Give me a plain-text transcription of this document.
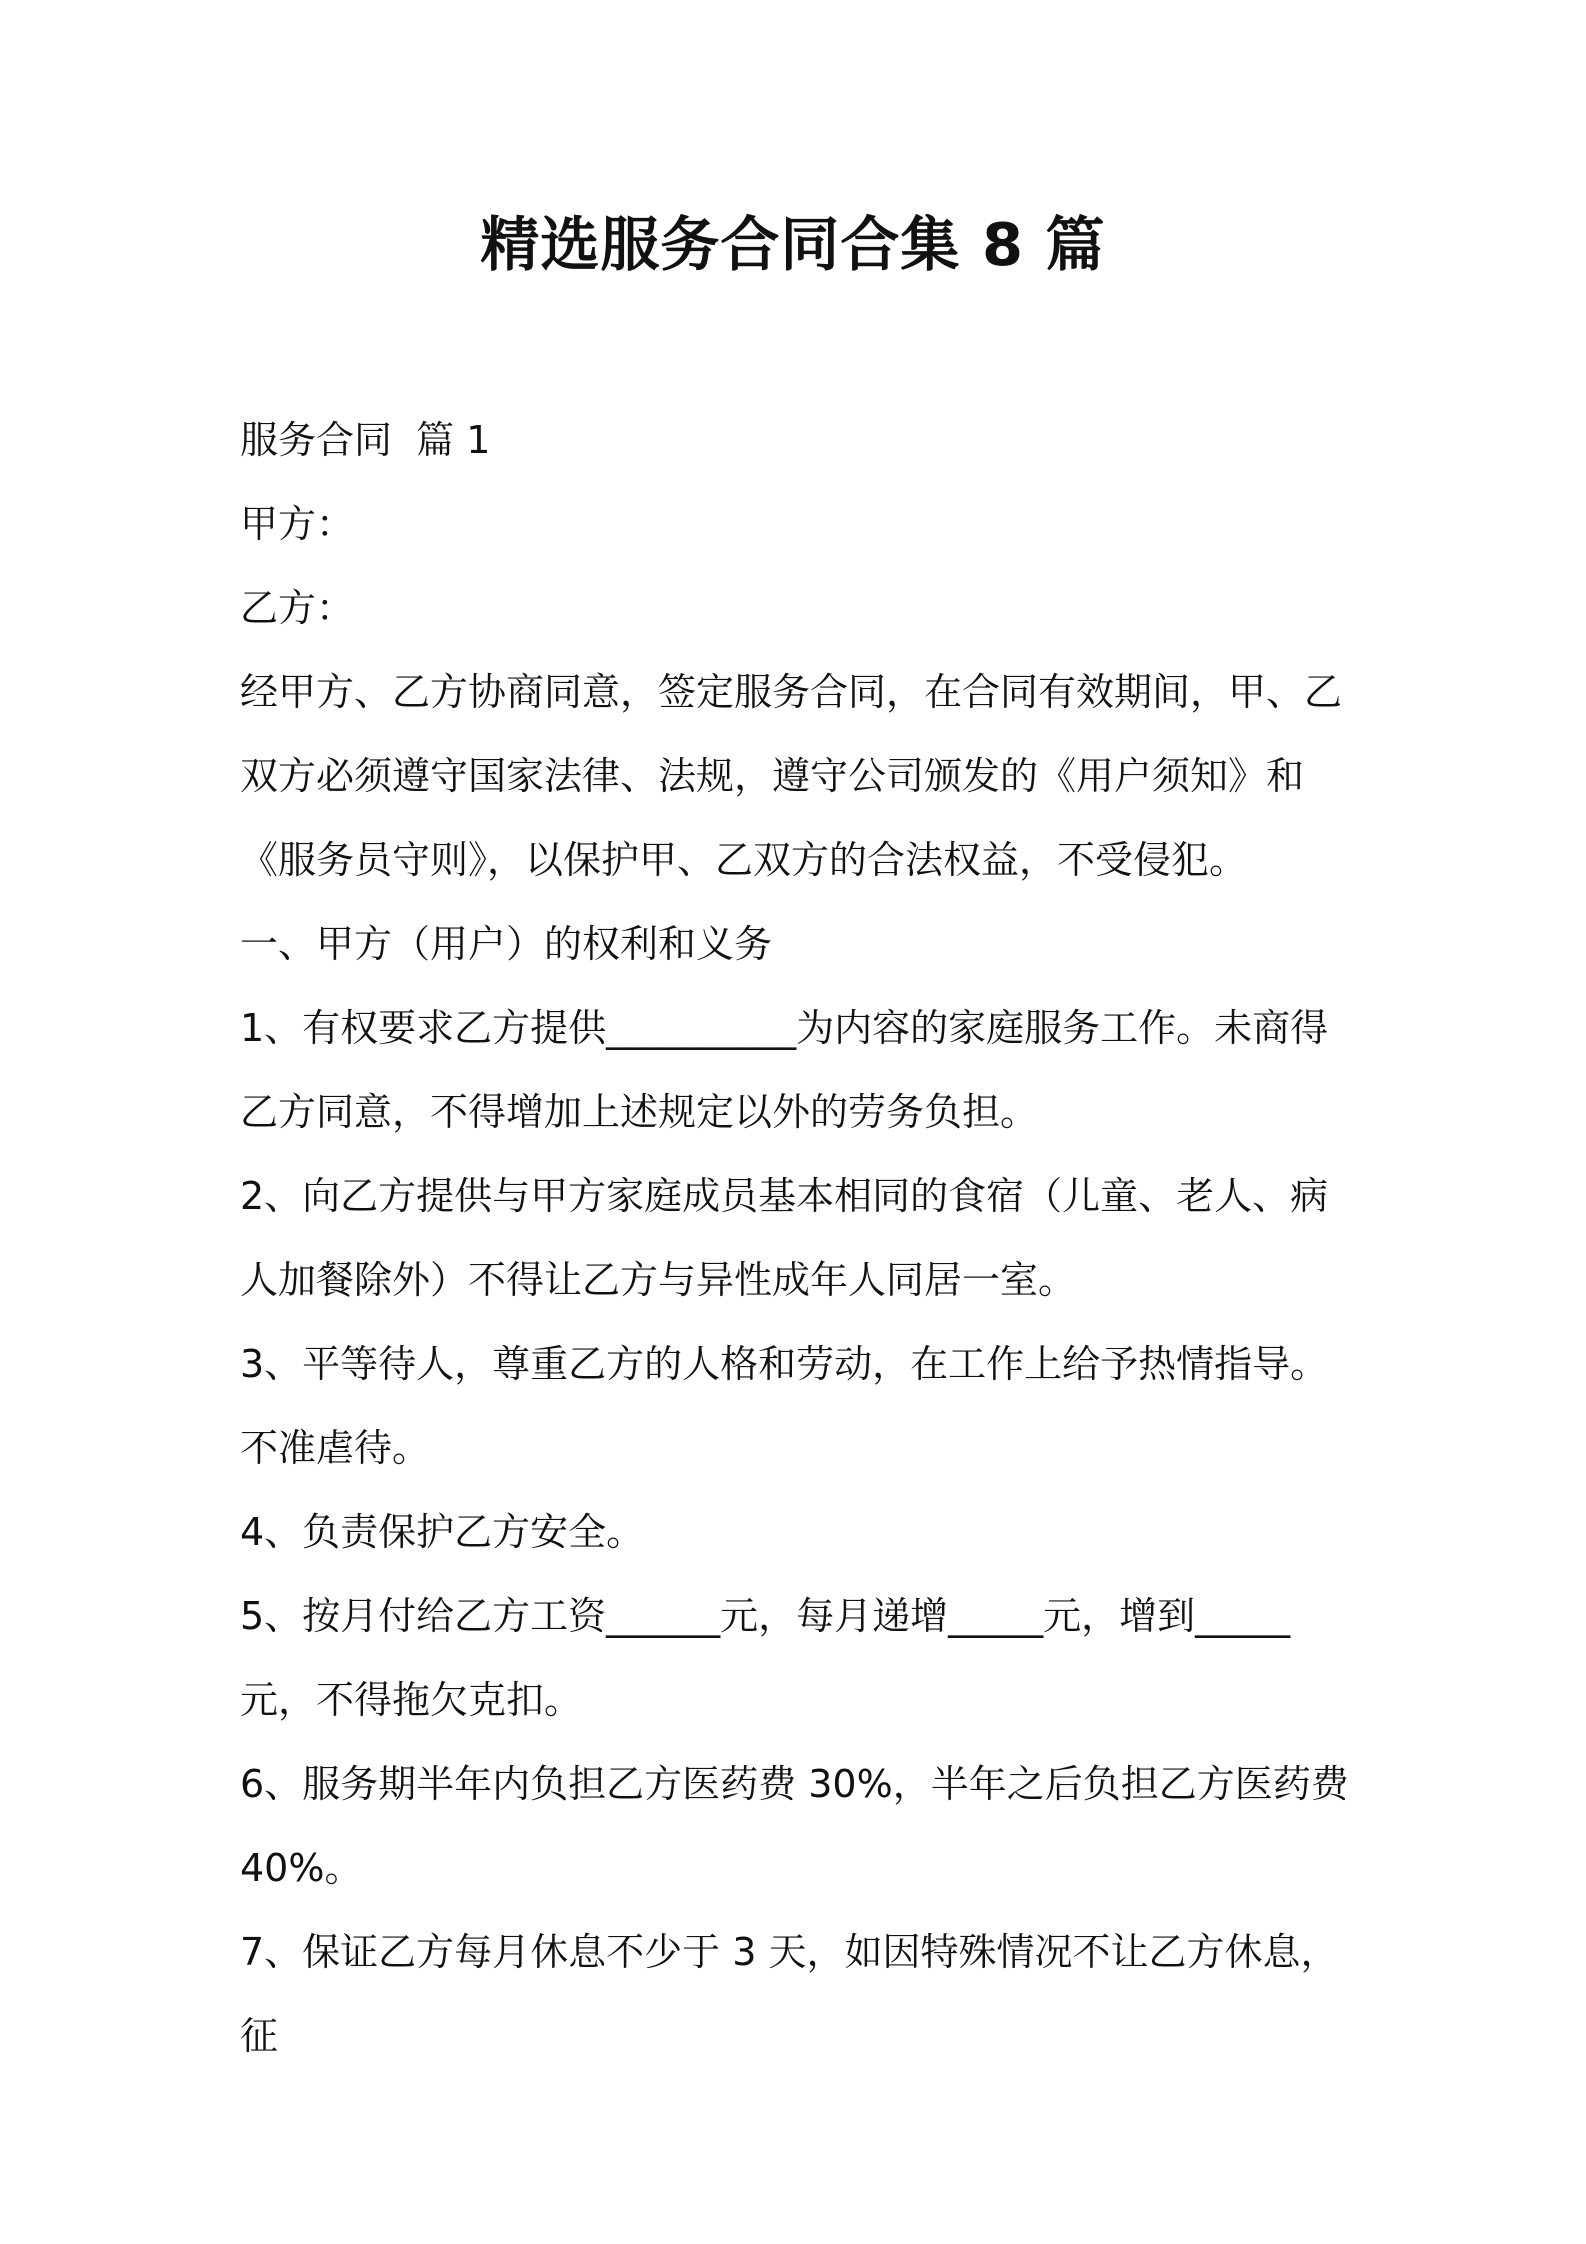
精选服务合同合集 8 篇

服务合同  篇 1

甲方：

乙方：

经甲方、乙方协商同意，签定服务合同，在合同有效期间，甲、乙双方必须遵守国家法律、法规，遵守公司颁发的《用户须知》和《服务员守则》，以保护甲、乙双方的合法权益，不受侵犯。

一、甲方（用户）的权利和义务

1、有权要求乙方提供__________为内容的家庭服务工作。未商得乙方同意，不得增加上述规定以外的劳务负担。

2、向乙方提供与甲方家庭成员基本相同的食宿（儿童、老人、病人加餐除外）不得让乙方与异性成年人同居一室。

3、平等待人，尊重乙方的人格和劳动，在工作上给予热情指导。不准虐待。

4、负责保护乙方安全。

5、按月付给乙方工资______元，每月递增_____元，增到_____元，不得拖欠克扣。

6、服务期半年内负担乙方医药费 30%，半年之后负担乙方医药费 40%。

7、保证乙方每月休息不少于 3 天，如因特殊情况不让乙方休息，征
